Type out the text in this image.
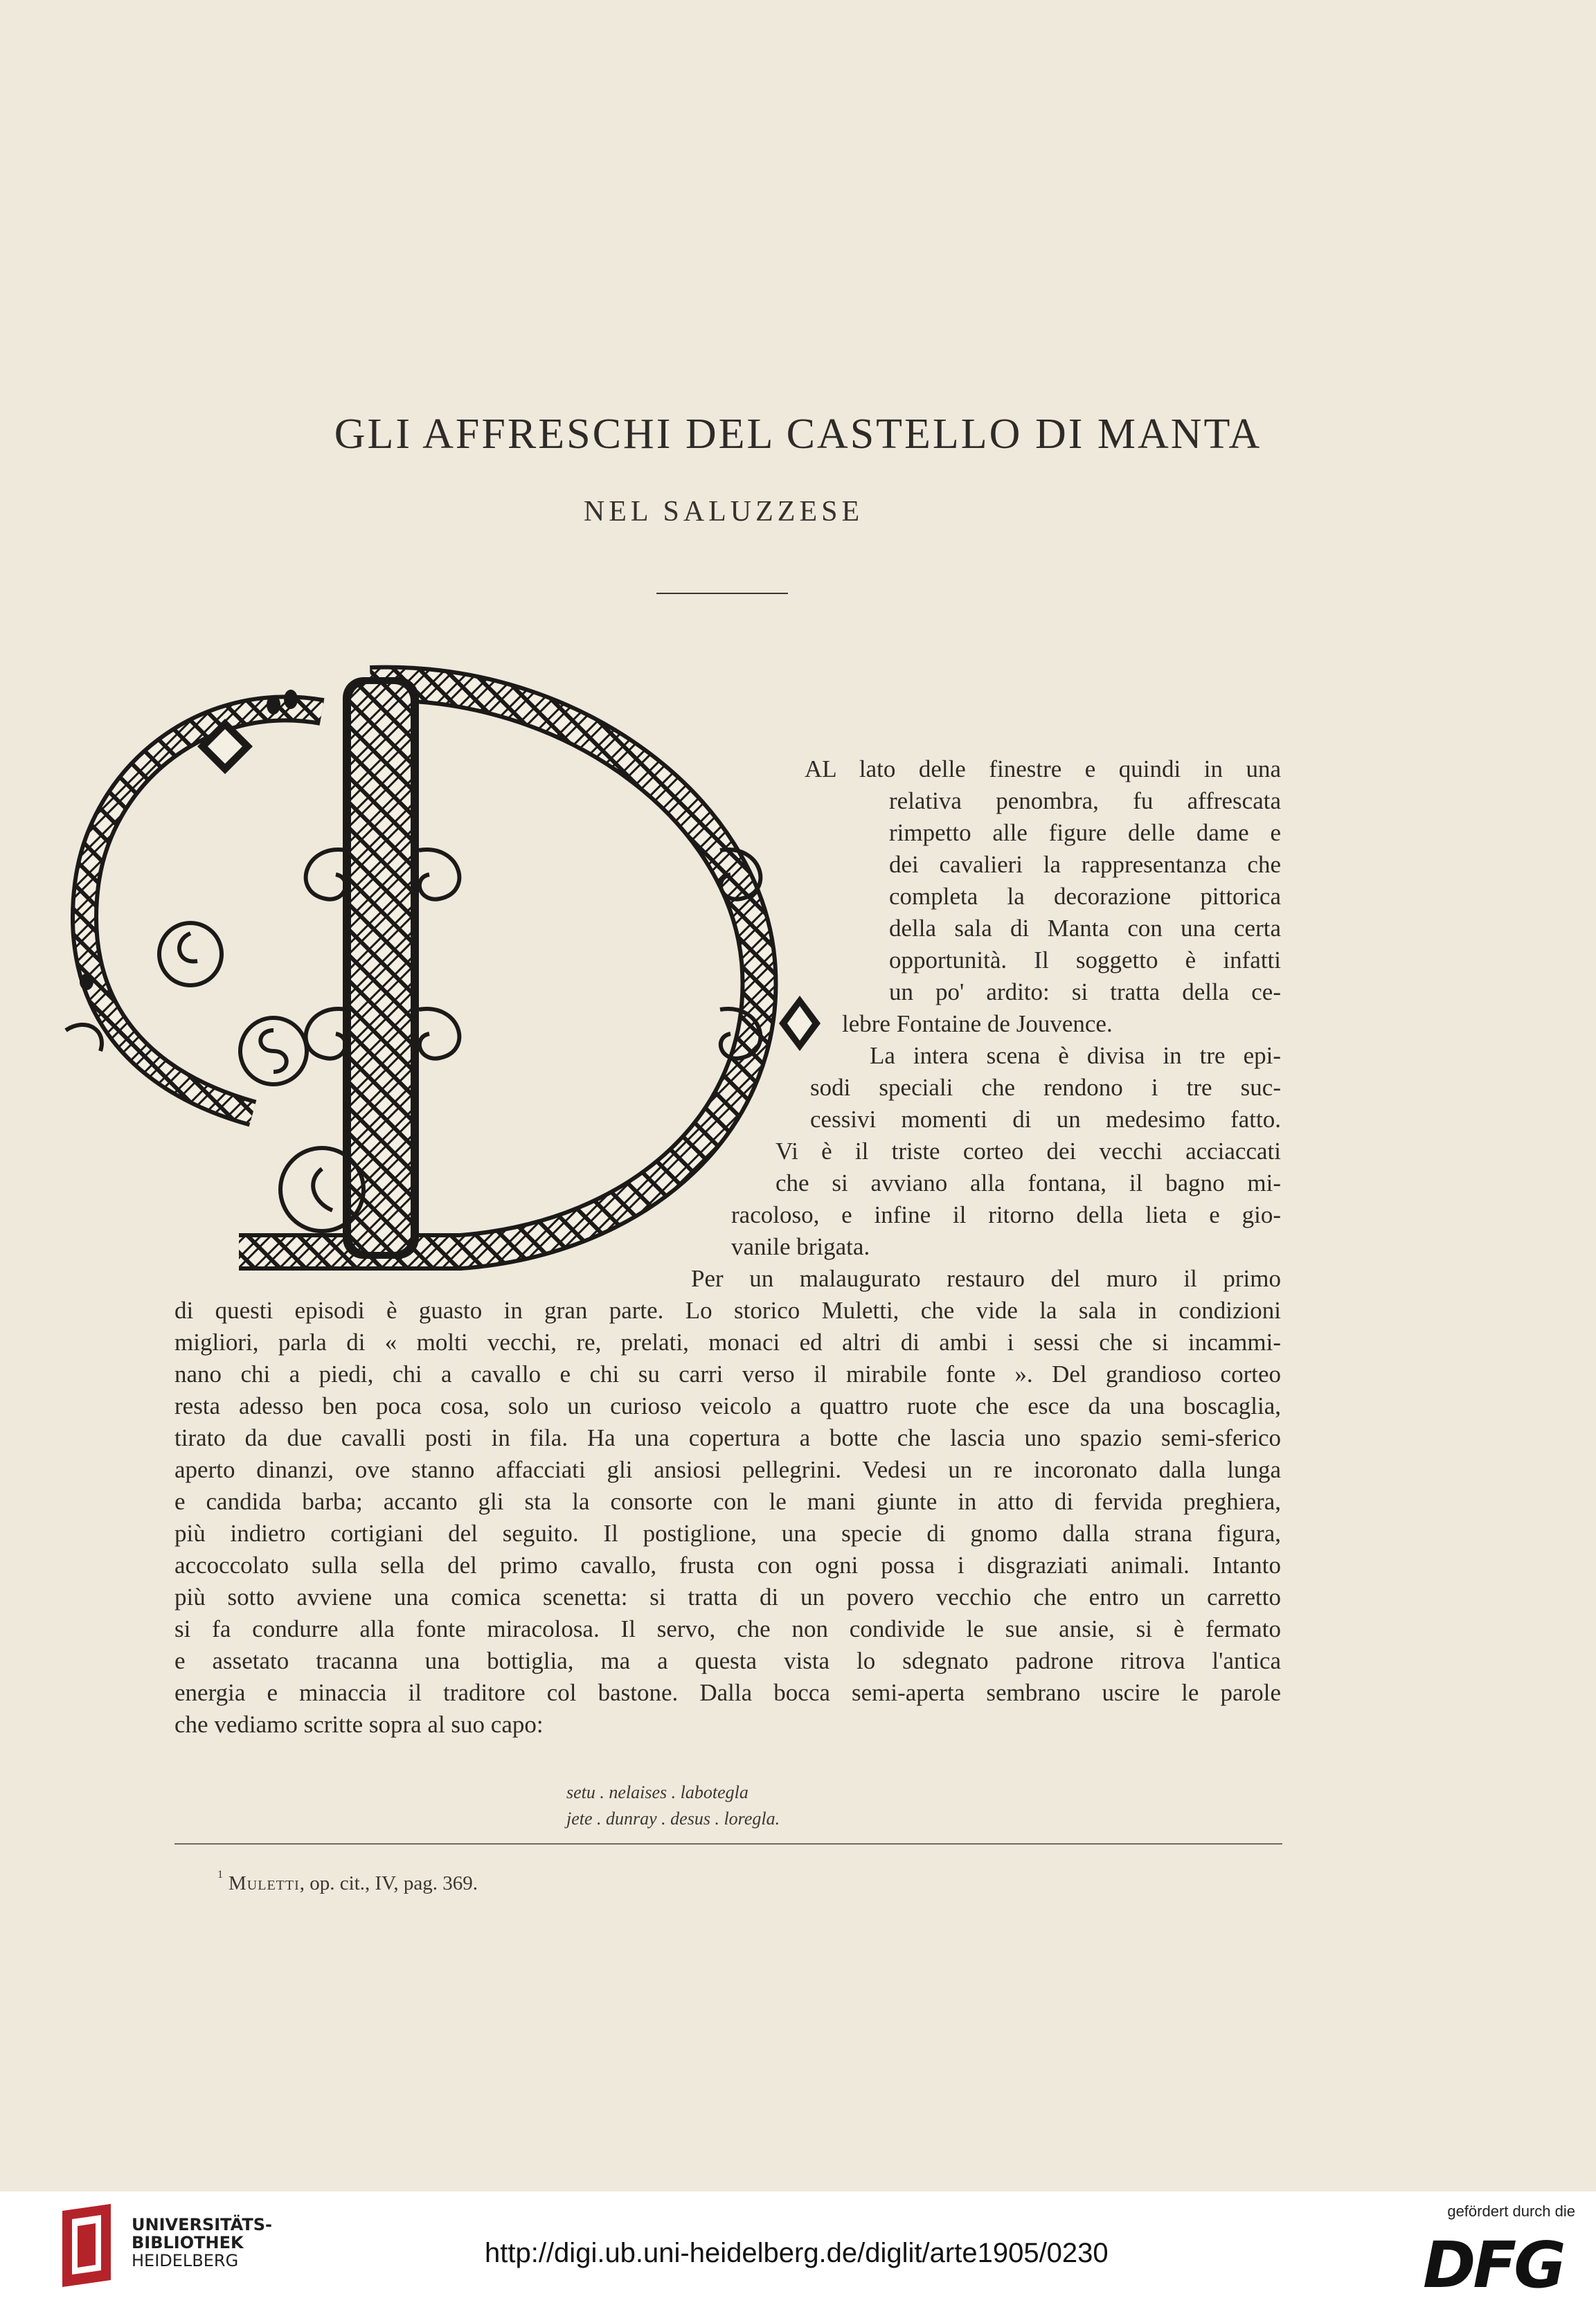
GLI AFFRESCHI DEL CASTELLO DI MANTA
NEL SALUZZESE
AL lato delle finestre e quindi in una
relativa penombra, fu affrescata
rimpetto alle figure delle dame e
dei cavalieri la rappresentanza che
completa la decorazione pittorica
della sala di Manta con una certa
opportunità. Il soggetto è infatti
un po' ardito: si tratta della ce-
lebre Fontaine de Jouvence.
La intera scena è divisa in tre epi-
sodi speciali che rendono i tre suc-
cessivi momenti di un medesimo fatto.
Vi è il triste corteo dei vecchi acciaccati
che si avviano alla fontana, il bagno mi-
racoloso, e infine il ritorno della lieta e gio-
vanile brigata.
Per un malaugurato restauro del muro il primo
di questi episodi è guasto in gran parte. Lo storico Muletti, che vide la sala in condizioni
migliori, parla di « molti vecchi, re, prelati, monaci ed altri di ambi i sessi che si incammi-
nano chi a piedi, chi a cavallo e chi su carri verso il mirabile fonte ». Del grandioso corteo
resta adesso ben poca cosa, solo un curioso veicolo a quattro ruote che esce da una boscaglia,
tirato da due cavalli posti in fila. Ha una copertura a botte che lascia uno spazio semi-sferico
aperto dinanzi, ove stanno affacciati gli ansiosi pellegrini. Vedesi un re incoronato dalla lunga
e candida barba; accanto gli sta la consorte con le mani giunte in atto di fervida preghiera,
più indietro cortigiani del seguito. Il postiglione, una specie di gnomo dalla strana figura,
accoccolato sulla sella del primo cavallo, frusta con ogni possa i disgraziati animali. Intanto
più sotto avviene una comica scenetta: si tratta di un povero vecchio che entro un carretto
si fa condurre alla fonte miracolosa. Il servo, che non condivide le sue ansie, si è fermato
e assetato tracanna una bottiglia, ma a questa vista lo sdegnato padrone ritrova l'antica
energia e minaccia il traditore col bastone. Dalla bocca semi-aperta sembrano uscire le parole
che vediamo scritte sopra al suo capo:
setu . nelaises . labotegla
jete . dunray . desus . loregla.
$^1$ Muletti, op. cit., IV, pag. 369.
UNIVERSITÄTS-
BIBLIOTHEK
HEIDELBERG	http://digi.ub.uni-heidelberg.de/diglit/arte1905/0230
gefördert durch die
DFG
